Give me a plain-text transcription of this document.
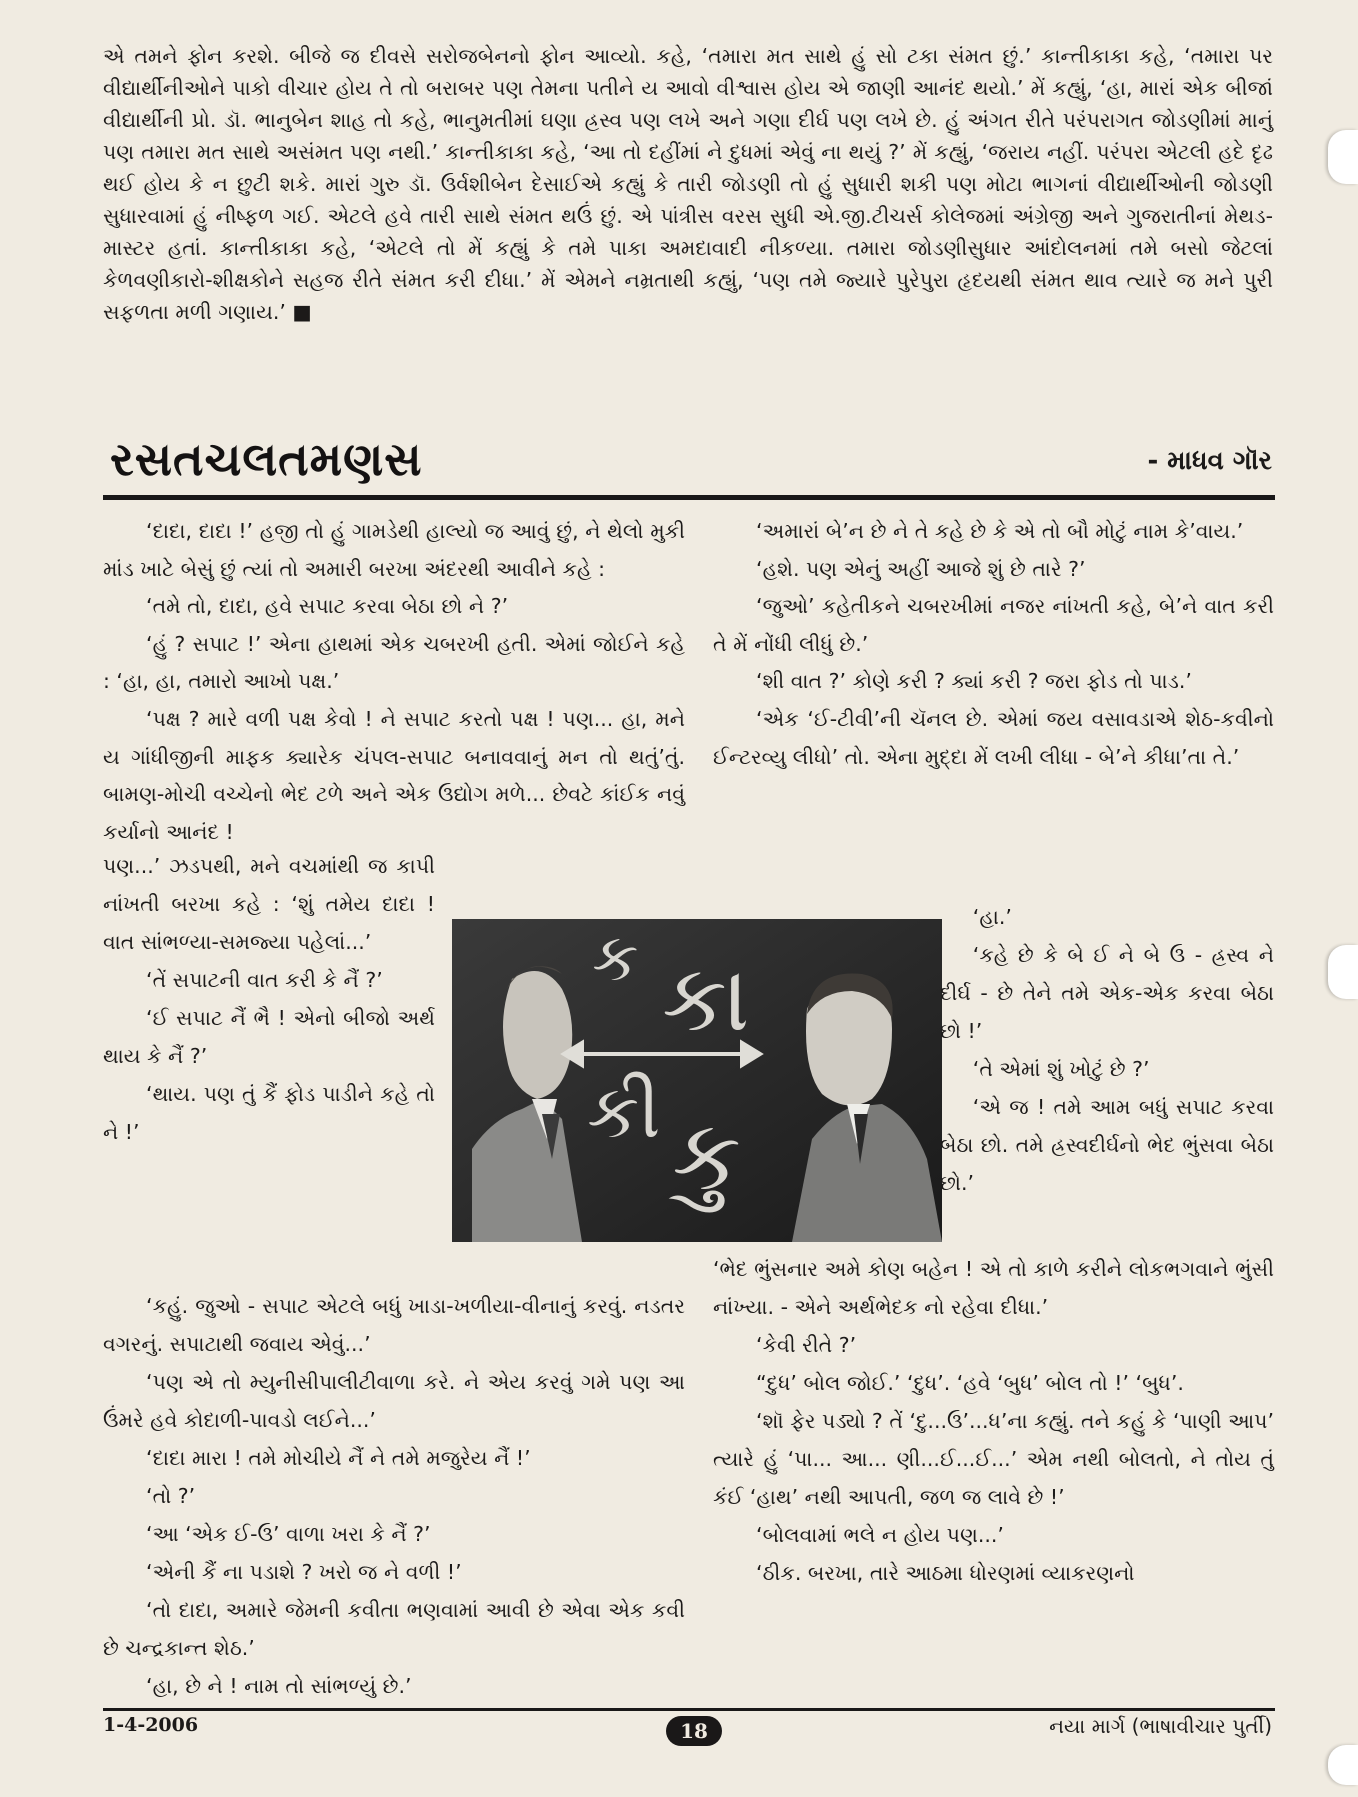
એ તમને ફોન કરશે. બીજે જ દીવસે સરોજબેનનો ફોન આવ્યો. કહે, ‘તમારા મત સાથે હું સો ટકા સંમત છું.’ કાન્તીકાકા કહે, ‘તમારા પર વીદ્યાર્થીનીઓને પાકો વીચાર હોય તે તો બરાબર પણ તેમના પતીને ય આવો વીશ્વાસ હોય એ જાણી આનંદ થયો.’ મેં કહ્યું, ‘હા, મારાં એક બીજાં વીદ્યાર્થીની પ્રો. ડૉ. ભાનુબેન શાહ તો કહે, ભાનુમતીમાં ઘણા હ્રસ્વ પણ લખે અને ગણા દીર્ઘ પણ લખે છે. હું અંગત રીતે પરંપરાગત જોડણીમાં માનું પણ તમારા મત સાથે અસંમત પણ નથી.’ કાન્તીકાકા કહે, ‘આ તો દહીંમાં ને દુધમાં એવું ના થયું ?’ મેં કહ્યું, ‘જરાય નહીં. પરંપરા એટલી હદે દૃઢ થઈ હોય કે ન છુટી શકે. મારાં ગુરુ ડૉ. ઉર્વશીબેન દેસાઈએ કહ્યું કે તારી જોડણી તો હું સુધારી શકી પણ મોટા ભાગનાં વીદ્યાર્થીઓની જોડણી સુધારવામાં હું નીષ્ફળ ગઈ. એટલે હવે તારી સાથે સંમત થઉં છું. એ પાંત્રીસ વરસ સુધી એ.જી.ટીચર્સ કોલેજમાં અંગ્રેજી અને ગુજરાતીનાં મેથડ-માસ્ટર હતાં. કાન્તીકાકા કહે, ‘એટલે તો મેં કહ્યું કે તમે પાકા અમદાવાદી નીકળ્યા. તમારા જોડણીસુધાર આંદોલનમાં તમે બસો જેટલાં કેળવણીકારો-શીક્ષકોને સહજ રીતે સંમત કરી દીધા.’ મેં એમને નમ્રતાથી કહ્યું, ‘પણ તમે જ્યારે પુરેપુરા હૃદયથી સંમત થાવ ત્યારે જ મને પુરી સફળતા મળી ગણાય.’ ■

રસતચલતમણસ	- માધવ ગૉર

‘દાદા, દાદા !’ હજી તો હું ગામડેથી હાલ્યો જ આવું છું, ને થેલો મુકી માંડ ખાટે બેસું છું ત્યાં તો અમારી બરખા અંદરથી આવીને કહે :

‘તમે તો, દાદા, હવે સપાટ કરવા બેઠા છો ને ?’

‘હું ? સપાટ !’ એના હાથમાં એક ચબરખી હતી. એમાં જોઈને કહે : ‘હા, હા, તમારો આખો પક્ષ.’

‘પક્ષ ? મારે વળી પક્ષ કેવો ! ને સપાટ કરતો પક્ષ ! પણ... હા, મને ય ગાંધીજીની માફક ક્યારેક ચંપલ-સપાટ બનાવવાનું મન તો થતું’તું. બામણ-મોચી વચ્ચેનો ભેદ ટળે અને એક ઉદ્યોગ મળે... છેવટે કાંઈક નવું કર્યાનો આનંદ !

પણ...’ ઝડપથી, મને વચમાંથી જ કાપી નાંખતી બરખા કહે : ‘શું તમેય દાદા ! વાત સાંભળ્યા-સમજ્યા પહેલાં...’

‘તેં સપાટની વાત કરી કે નૈં ?’

‘ઈ સપાટ નૈં ભૈ ! એનો બીજો અર્થ થાય કે નૈં ?’

‘થાય. પણ તું કૈં ફોડ પાડીને કહે તો ને !’

ક કા
કી કુ

‘અમારાં બે’ન છે ને તે કહે છે કે એ તો બૌ મોટું નામ કે’વાય.’

‘હશે. પણ એનું અહીં આજે શું છે તારે ?’

‘જુઓ’ કહેતીકને ચબરખીમાં નજર નાંખતી કહે, બે’ને વાત કરી તે મેં નોંધી લીધું છે.’

‘શી વાત ?’ કોણે કરી ? ક્યાં કરી ? જરા ફોડ તો પાડ.’

‘એક ‘ઈ-ટીવી’ની ચૅનલ છે. એમાં જય વસાવડાએ શેઠ-કવીનો ઈન્ટરવ્યુ લીધો’ તો. એના મુદ્દા મેં લખી લીધા - બે’ને કીધા’તા તે.’

‘હા.’

‘કહે છે કે બે ઈ ને બે ઉ - હ્રસ્વ ને દીર્ઘ - છે તેને તમે એક-એક કરવા બેઠા છો !’

‘તે એમાં શું ખોટું છે ?’

‘એ જ ! તમે આમ બધું સપાટ કરવા બેઠા છો. તમે હ્રસ્વદીર્ઘનો ભેદ ભુંસવા બેઠા છો.’

‘કહું. જુઓ - સપાટ એટલે બધું ખાડા-ખળીયા-વીનાનું કરવું. નડતર વગરનું. સપાટાથી જવાય એવું...’

‘પણ એ તો મ્યુનીસીપાલીટીવાળા કરે. ને એય કરવું ગમે પણ આ ઉંમરે હવે કોદાળી-પાવડો લઈને...’

‘દાદા મારા ! તમે મોચીયે નૈં ને તમે મજુરેય નૈં !’

‘તો ?’

‘આ ‘એક ઈ-ઉ’ વાળા ખરા કે નૈં ?’

‘એની કૈં ના પડાશે ? ખરો જ ને વળી !’

‘તો દાદા, અમારે જેમની કવીતા ભણવામાં આવી છે એવા એક કવી છે ચન્દ્રકાન્ત શેઠ.’

‘હા, છે ને ! નામ તો સાંભળ્યું છે.’

‘ભેદ ભુંસનાર અમે કોણ બહેન ! એ તો કાળે કરીને લોકભગવાને ભુંસી નાંખ્યા. - એને અર્થભેદક નો રહેવા દીધા.’

‘કેવી રીતે ?’

“દુધ’ બોલ જોઈ.’ ‘દુધ’. ‘હવે ‘બુધ’ બોલ તો !’ ‘બુધ’.

‘શૉ ફેર પડ્યો ? તેં ‘દુ...ઉ’...ધ’ના કહ્યું. તને કહું કે ‘પાણી આપ’ ત્યારે હું ‘પા... આ... ણી...ઈ...ઈ...’ એમ નથી બોલતો, ને તોય તું કંઈ ‘હાથ’ નથી આપતી, જળ જ લાવે છે !’

‘બોલવામાં ભલે ન હોય પણ...’

‘ઠીક. બરખા, તારે આઠમા ધોરણમાં વ્યાકરણનો

1-4-2006	18	નયા માર્ગ (ભાષાવીચાર પુર્તી)
